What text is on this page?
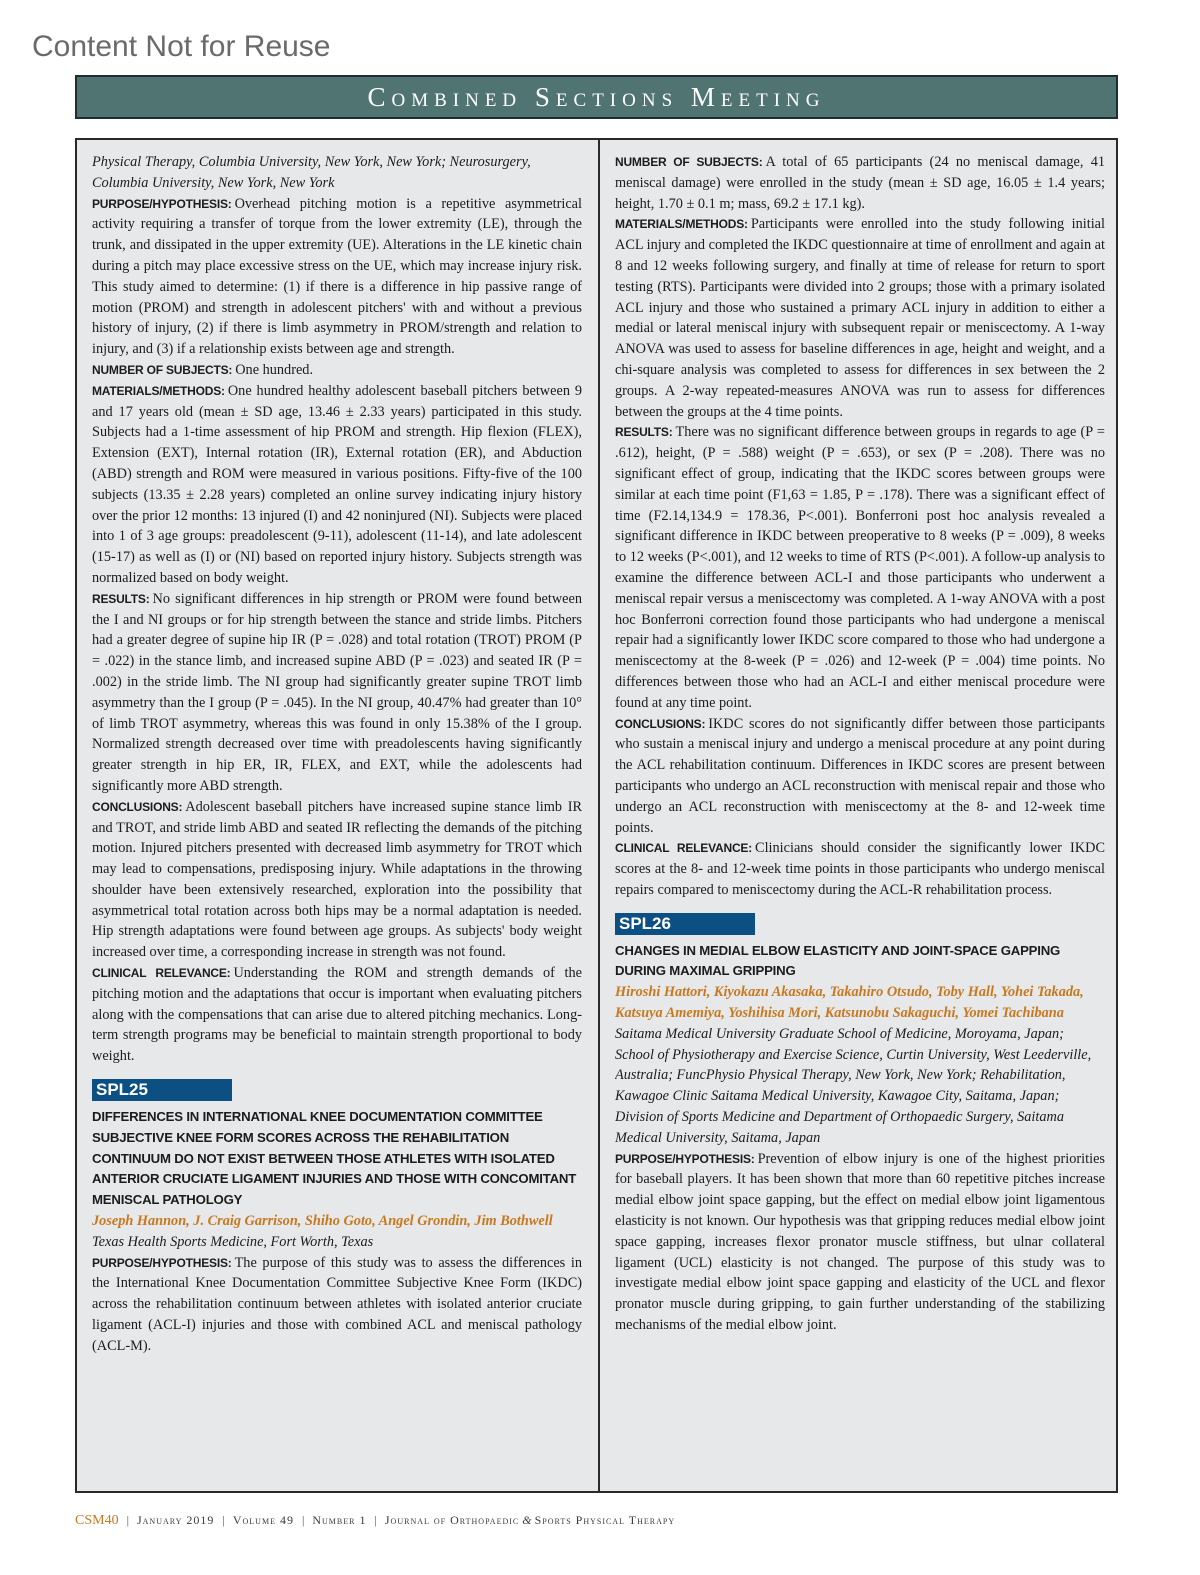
Content Not for Reuse
Combined Sections Meeting

Physical Therapy, Columbia University, New York, New York; Neurosurgery, Columbia University, New York, New York

PURPOSE/HYPOTHESIS: Overhead pitching motion is a repetitive asymmetrical activity requiring a transfer of torque from the lower extremity (LE), through the trunk, and dissipated in the upper extremity (UE). Alterations in the LE kinetic chain during a pitch may place excessive stress on the UE, which may increase injury risk. This study aimed to determine: (1) if there is a difference in hip passive range of motion (PROM) and strength in adolescent pitchers' with and without a previous history of injury, (2) if there is limb asymmetry in PROM/strength and relation to injury, and (3) if a relationship exists between age and strength.

NUMBER OF SUBJECTS: One hundred.

MATERIALS/METHODS: One hundred healthy adolescent baseball pitchers between 9 and 17 years old (mean ± SD age, 13.46 ± 2.33 years) participated in this study. Subjects had a 1-time assessment of hip PROM and strength. Hip flexion (FLEX), Extension (EXT), Internal rotation (IR), External rotation (ER), and Abduction (ABD) strength and ROM were measured in various positions. Fifty-five of the 100 subjects (13.35 ± 2.28 years) completed an online survey indicating injury history over the prior 12 months: 13 injured (I) and 42 noninjured (NI). Subjects were placed into 1 of 3 age groups: preadolescent (9-11), adolescent (11-14), and late adolescent (15-17) as well as (I) or (NI) based on reported injury history. Subjects strength was normalized based on body weight.

RESULTS: No significant differences in hip strength or PROM were found between the I and NI groups or for hip strength between the stance and stride limbs. Pitchers had a greater degree of supine hip IR (P = .028) and total rotation (TROT) PROM (P = .022) in the stance limb, and increased supine ABD (P = .023) and seated IR (P = .002) in the stride limb. The NI group had significantly greater supine TROT limb asymmetry than the I group (P = .045). In the NI group, 40.47% had greater than 10° of limb TROT asymmetry, whereas this was found in only 15.38% of the I group. Normalized strength decreased over time with preadolescents having significantly greater strength in hip ER, IR, FLEX, and EXT, while the adolescents had significantly more ABD strength.

CONCLUSIONS: Adolescent baseball pitchers have increased supine stance limb IR and TROT, and stride limb ABD and seated IR reflecting the demands of the pitching motion. Injured pitchers presented with decreased limb asymmetry for TROT which may lead to compensations, predisposing injury. While adaptations in the throwing shoulder have been extensively researched, exploration into the possibility that asymmetrical total rotation across both hips may be a normal adaptation is needed. Hip strength adaptations were found between age groups. As subjects' body weight increased over time, a corresponding increase in strength was not found.

CLINICAL RELEVANCE: Understanding the ROM and strength demands of the pitching motion and the adaptations that occur is important when evaluating pitchers along with the compensations that can arise due to altered pitching mechanics. Long-term strength programs may be beneficial to maintain strength proportional to body weight.

SPL25

DIFFERENCES IN INTERNATIONAL KNEE DOCUMENTATION COMMITTEE SUBJECTIVE KNEE FORM SCORES ACROSS THE REHABILITATION CONTINUUM DO NOT EXIST BETWEEN THOSE ATHLETES WITH ISOLATED ANTERIOR CRUCIATE LIGAMENT INJURIES AND THOSE WITH CONCOMITANT MENISCAL PATHOLOGY

Joseph Hannon, J. Craig Garrison, Shiho Goto, Angel Grondin, Jim Bothwell

Texas Health Sports Medicine, Fort Worth, Texas

PURPOSE/HYPOTHESIS: The purpose of this study was to assess the differences in the International Knee Documentation Committee Subjective Knee Form (IKDC) across the rehabilitation continuum between athletes with isolated anterior cruciate ligament (ACL-I) injuries and those with combined ACL and meniscal pathology (ACL-M).

NUMBER OF SUBJECTS: A total of 65 participants (24 no meniscal damage, 41 meniscal damage) were enrolled in the study (mean ± SD age, 16.05 ± 1.4 years; height, 1.70 ± 0.1 m; mass, 69.2 ± 17.1 kg).

MATERIALS/METHODS: Participants were enrolled into the study following initial ACL injury and completed the IKDC questionnaire at time of enrollment and again at 8 and 12 weeks following surgery, and finally at time of release for return to sport testing (RTS). Participants were divided into 2 groups; those with a primary isolated ACL injury and those who sustained a primary ACL injury in addition to either a medial or lateral meniscal injury with subsequent repair or meniscectomy. A 1-way ANOVA was used to assess for baseline differences in age, height and weight, and a chi-square analysis was completed to assess for differences in sex between the 2 groups. A 2-way repeated-measures ANOVA was run to assess for differences between the groups at the 4 time points.

RESULTS: There was no significant difference between groups in regards to age (P = .612), height, (P = .588) weight (P = .653), or sex (P = .208). There was no significant effect of group, indicating that the IKDC scores between groups were similar at each time point (F1,63 = 1.85, P = .178). There was a significant effect of time (F2.14,134.9 = 178.36, P<.001). Bonferroni post hoc analysis revealed a significant difference in IKDC between preoperative to 8 weeks (P = .009), 8 weeks to 12 weeks (P<.001), and 12 weeks to time of RTS (P<.001). A follow-up analysis to examine the difference between ACL-I and those participants who underwent a meniscal repair versus a meniscectomy was completed. A 1-way ANOVA with a post hoc Bonferroni correction found those participants who had undergone a meniscal repair had a significantly lower IKDC score compared to those who had undergone a meniscectomy at the 8-week (P = .026) and 12-week (P = .004) time points. No differences between those who had an ACL-I and either meniscal procedure were found at any time point.

CONCLUSIONS: IKDC scores do not significantly differ between those participants who sustain a meniscal injury and undergo a meniscal procedure at any point during the ACL rehabilitation continuum. Differences in IKDC scores are present between participants who undergo an ACL reconstruction with meniscal repair and those who undergo an ACL reconstruction with meniscectomy at the 8- and 12-week time points.

CLINICAL RELEVANCE: Clinicians should consider the significantly lower IKDC scores at the 8- and 12-week time points in those participants who undergo meniscal repairs compared to meniscectomy during the ACL-R rehabilitation process.

SPL26

CHANGES IN MEDIAL ELBOW ELASTICITY AND JOINT-SPACE GAPPING DURING MAXIMAL GRIPPING

Hiroshi Hattori, Kiyokazu Akasaka, Takahiro Otsudo, Toby Hall, Yohei Takada, Katsuya Amemiya, Yoshihisa Mori, Katsunobu Sakaguchi, Yomei Tachibana

Saitama Medical University Graduate School of Medicine, Moroyama, Japan; School of Physiotherapy and Exercise Science, Curtin University, West Leederville, Australia; FuncPhysio Physical Therapy, New York, New York; Rehabilitation, Kawagoe Clinic Saitama Medical University, Kawagoe City, Saitama, Japan; Division of Sports Medicine and Department of Orthopaedic Surgery, Saitama Medical University, Saitama, Japan

PURPOSE/HYPOTHESIS: Prevention of elbow injury is one of the highest priorities for baseball players. It has been shown that more than 60 repetitive pitches increase medial elbow joint space gapping, but the effect on medial elbow joint ligamentous elasticity is not known. Our hypothesis was that gripping reduces medial elbow joint space gapping, increases flexor pronator muscle stiffness, but ulnar collateral ligament (UCL) elasticity is not changed. The purpose of this study was to investigate medial elbow joint space gapping and elasticity of the UCL and flexor pronator muscle during gripping, to gain further understanding of the stabilizing mechanisms of the medial elbow joint.

CSM40 | January 2019 | Volume 49 | Number 1 | Journal of Orthopaedic & Sports Physical Therapy
